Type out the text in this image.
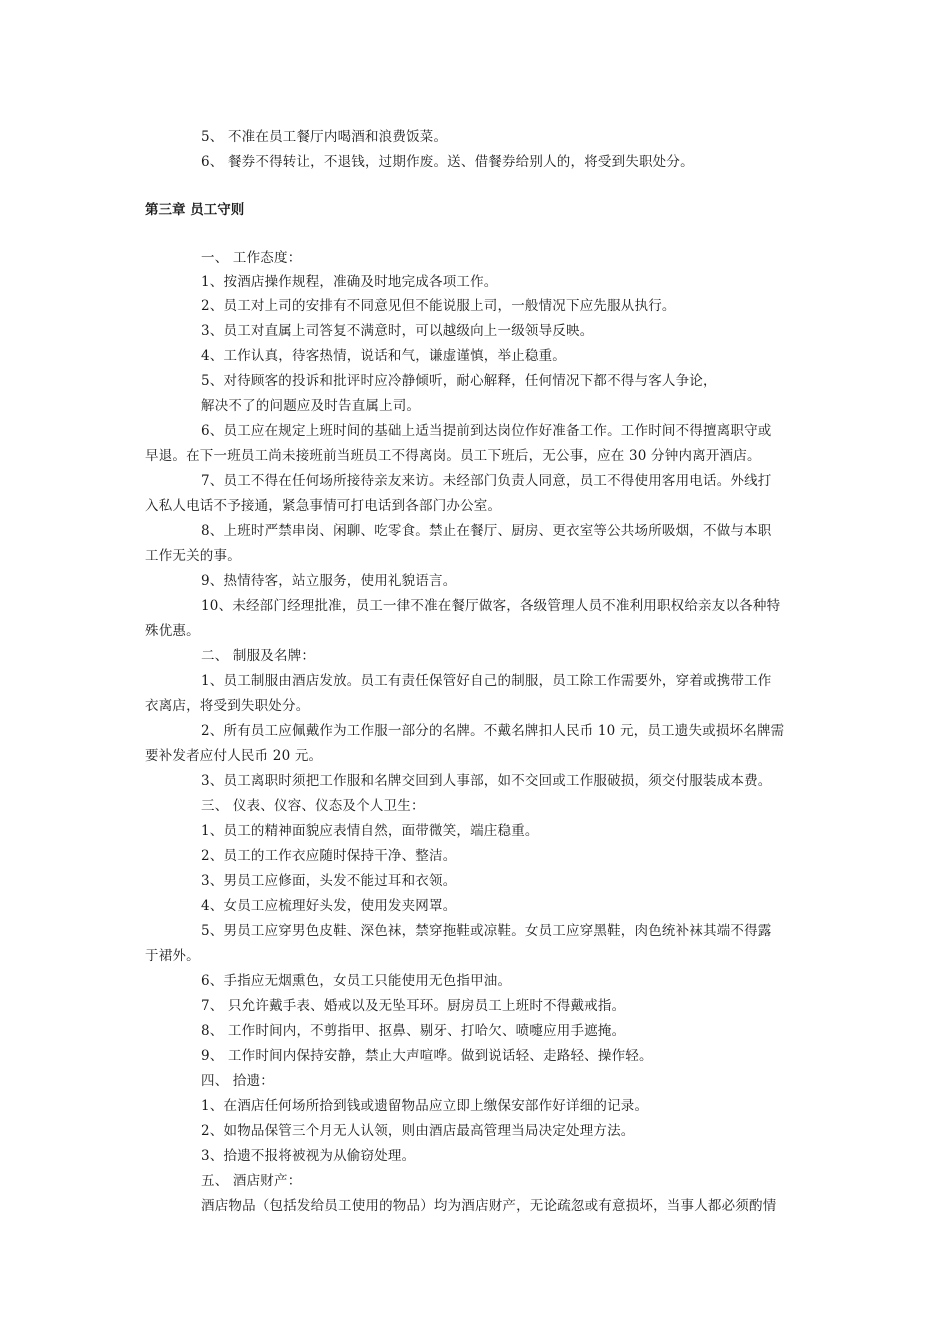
5、 不准在员工餐厅内喝酒和浪费饭菜。
6、 餐券不得转让，不退钱，过期作废。送、借餐券给别人的，将受到失职处分。
第三章 员工守则
一、 工作态度：
1、按酒店操作规程，准确及时地完成各项工作。
2、员工对上司的安排有不同意见但不能说服上司，一般情况下应先服从执行。
3、员工对直属上司答复不满意时，可以越级向上一级领导反映。
4、工作认真，待客热情，说话和气，谦虚谨慎，举止稳重。
5、对待顾客的投诉和批评时应冷静倾听，耐心解释，任何情况下都不得与客人争论，
解决不了的问题应及时告直属上司。
6、员工应在规定上班时间的基础上适当提前到达岗位作好准备工作。工作时间不得擅离职守或
早退。在下一班员工尚未接班前当班员工不得离岗。员工下班后，无公事，应在 30 分钟内离开酒店。
7、员工不得在任何场所接待亲友来访。未经部门负责人同意，员工不得使用客用电话。外线打
入私人电话不予接通，紧急事情可打电话到各部门办公室。
8、上班时严禁串岗、闲聊、吃零食。禁止在餐厅、厨房、更衣室等公共场所吸烟，不做与本职
工作无关的事。
9、热情待客，站立服务，使用礼貌语言。
10、未经部门经理批准，员工一律不准在餐厅做客，各级管理人员不准利用职权给亲友以各种特
殊优惠。
二、 制服及名牌：
1、员工制服由酒店发放。员工有责任保管好自己的制服，员工除工作需要外，穿着或携带工作
衣离店，将受到失职处分。
2、所有员工应佩戴作为工作服一部分的名牌。不戴名牌扣人民币 10 元，员工遗失或损坏名牌需
要补发者应付人民币 20 元。
3、员工离职时须把工作服和名牌交回到人事部，如不交回或工作服破损，须交付服装成本费。
三、 仪表、仪容、仪态及个人卫生：
1、员工的精神面貌应表情自然，面带微笑，端庄稳重。
2、员工的工作衣应随时保持干净、整洁。
3、男员工应修面，头发不能过耳和衣领。
4、女员工应梳理好头发，使用发夹网罩。
5、男员工应穿男色皮鞋、深色袜，禁穿拖鞋或凉鞋。女员工应穿黑鞋，肉色统补袜其端不得露
于裙外。
6、手指应无烟熏色，女员工只能使用无色指甲油。
7、 只允许戴手表、婚戒以及无坠耳环。厨房员工上班时不得戴戒指。
8、 工作时间内，不剪指甲、抠鼻、剔牙、打哈欠、喷嚏应用手遮掩。
9、 工作时间内保持安静，禁止大声喧哗。做到说话轻、走路轻、操作轻。
四、 拾遗：
1、在酒店任何场所拾到钱或遗留物品应立即上缴保安部作好详细的记录。
2、如物品保管三个月无人认领，则由酒店最高管理当局决定处理方法。
3、拾遗不报将被视为从偷窃处理。
五、 酒店财产：
酒店物品（包括发给员工使用的物品）均为酒店财产，无论疏忽或有意损坏，当事人都必须酌情
